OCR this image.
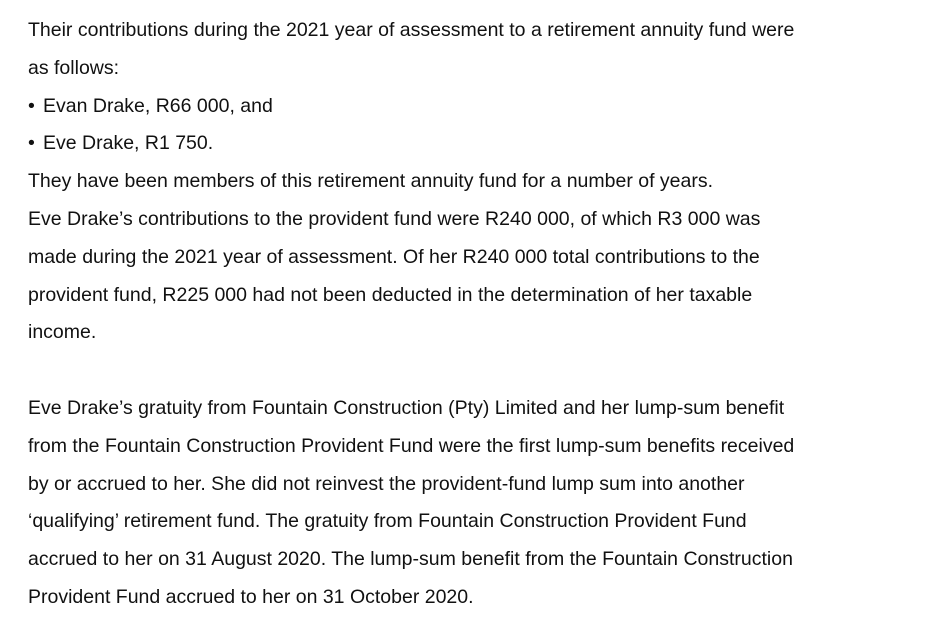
Their contributions during the 2021 year of assessment to a retirement annuity fund were
as follows:
• Evan Drake, R66 000, and
• Eve Drake, R1 750.
They have been members of this retirement annuity fund for a number of years.
Eve Drake’s contributions to the provident fund were R240 000, of which R3 000 was
made during the 2021 year of assessment. Of her R240 000 total contributions to the
provident fund, R225 000 had not been deducted in the determination of her taxable
income.
Eve Drake’s gratuity from Fountain Construction (Pty) Limited and her lump-sum benefit
from the Fountain Construction Provident Fund were the first lump-sum benefits received
by or accrued to her. She did not reinvest the provident-fund lump sum into another
‘qualifying’ retirement fund. The gratuity from Fountain Construction Provident Fund
accrued to her on 31 August 2020. The lump-sum benefit from the Fountain Construction
Provident Fund accrued to her on 31 October 2020.
